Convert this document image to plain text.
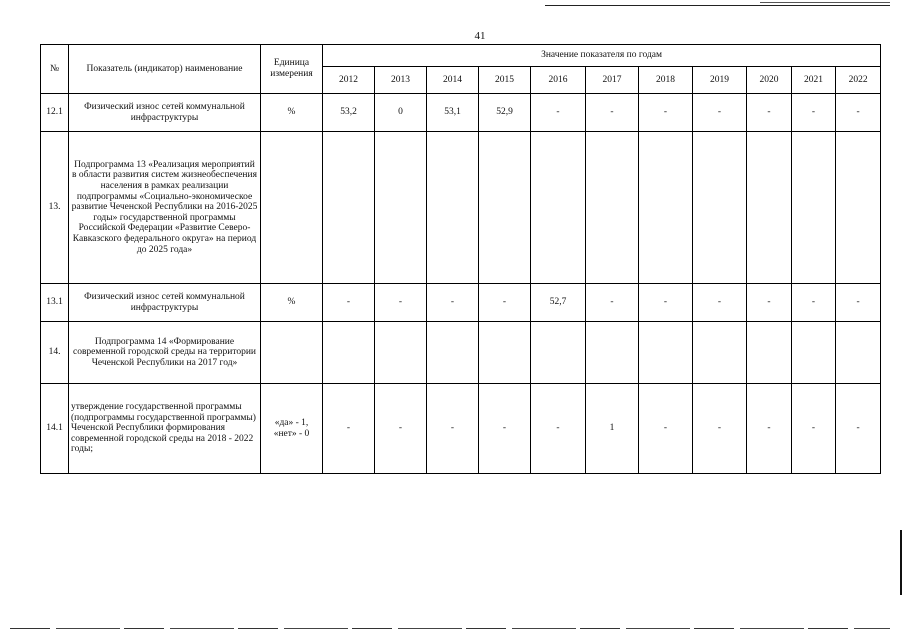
41
№	Показатель (индикатор) наименование	Единица измерения	Значение показателя по годам										
			2012	2013	2014	2015	2016	2017	2018	2019	2020	2021	2022
12.1	Физический износ сетей коммунальной инфраструктуры	%	53,2	0	53,1	52,9	-	-	-	-	-	-	-
13.	Подпрограмма 13 «Реализация мероприятий в области развития систем жизнеобеспечения населения в рамках реализации подпрограммы «Социально-экономическое развитие Чеченской Республики на 2016-2025 годы» государственной программы Российской Федерации «Развитие Северо-Кавказского федерального округа» на период до 2025 года»												
13.1	Физический износ сетей коммунальной инфраструктуры	%	-	-	-	-	52,7	-	-	-	-	-	-
14.	Подпрограмма 14 «Формирование современной городской среды на территории Чеченской Республики на 2017 год»												
14.1	утверждение государственной программы (подпрограммы государственной программы) Чеченской Республики формирования современной городской среды на 2018 - 2022 годы;	«да» - 1, «нет» - 0	-	-	-	-	-	1	-	-	-	-	-
